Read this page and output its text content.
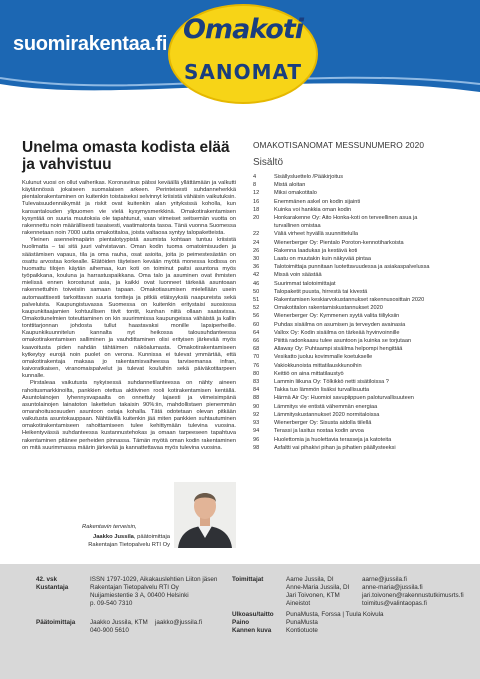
suomirakentaa.fi Omakoti
SANOMAT
Unelma omasta kodista elää ja vahvistuu

Kulunut vuosi on ollut vaiherikas. Koronaviirus pälssi keväällä yllättämään ja valkutti käytännössä jokaiseen suomalaisen arkeen. Perinteisesti suhdanneherkkä pientalorakentaminen on kuitenkin toistaiseksi selvinnyt kriisistä vähäisin vaikutuksin. Tulevaisuudennäkymät ja riskit ovat kuitenkin alan yrityksissä koholla, kun kansantalouden ylipuomen vie vielä kysymysmerkkinä. Omakotirakentamisen kysyntää on suuria muutoksia ole tapahtunut, vaan viimeiset seitsemän vuotta on rakennettu noin määrällisesti tasaisesti, vaatimatonta tasoa. Tänä vuonna Suomessa rakennetaan noin 7000 uutta omakotitaloa, joista valtaosa syntyy talopaketteista.

Yleinen asennelmapärin pientalotyypistä asumista kohtaan tuntuu kriisistä huolimatta – tai sitä juuri vahvistavan. Oman kodin tuoma omatoimisuuden ja säästämisen vapaus, tila ja oma rauha, osat asioita, joita jo peimestesästän on osattu arvostaa korkealle. Etätöiden täyteisen kevään myötä monessa kodissa on huomattu tilojen käytän aihemaa, kun koti on toiminut paitsi asuntona myös työpaikkana, kouluna ja harrastuspaikkana. Oma talo ja asuminen ovat ihmisten mielissä ennen korostunut asia, ja kaikki ovat luonneet tärkeää asuntoaan rakennettuihin toiveisiin samaan tapaan. Omakotiasumisen mielellään usein automaattisesti tarkoittavan suuria tontteja ja pitkiä etäisyyksiä naapureista sekä palveluista. Kaupungistuvassa Suomessa on kuitenkin eritystaisi suosiossa kaupunkitaajamien kohtuullisen tiivit tontit, kunhan niitä ollaan saatavissa. Omakotiunelmien toteuttaminen on kin suurimmissa kaupungeissa vähäistä ja kallin tonttitarjonnan johdosta tullut haastavaksi monille lapsiperheille. Kaupunkikuunnitelun kannalta nyt heikossa talousuhdanteessa omakotirakentamisen salliminen ja vauhdittaminen olisi erityisen järkevää myös kaavoitusta piden nahdän tähtäimen näköalumasta. Omakotirakentamiseen kytkeytyy eurojä noin puolet on verona. Kunnissa ei tulevat ymmärtää, että omakotirakentaja maksaa jo rakentamisvaiheessa tarvisemansa infran, kaivoratkaisen, viranomaispalvelut ja tulevat kouluihin sekä päiväkotitarpeen kunnalle.

Pirstaleaa vaikutusta nykyisessä suhdannetilanteessa on nähty aineen rahoitusmarkkinoilta, pankkien otettua aktiivinen rooli kotirakentamisen kentällä. Asuntolainojen lyhennysvapaalta on onnettuly lajaesti ja viimeisimpänä asuntolainojen lainatoton lakettelun takaisin 90%:iin, mahdollistaen pienemmän omarahoitusosuuden asuntoon ostaja kohalla. Tätä odotetaan olevan pitkään vaikutusta asuntokauppaan. Nähtävillä kuitenkin jää miten pankkien suhtautuminen omakotirakentamiseen rahoittamiseen tulee kehittymään tulevina vuosina. Heikentyvässä suhdanteessa kustannustehokas ja omaan tarpeeseen tapahtuva rakentaminen pitänee perheiden pinnassa. Tämän myötä oman kodin rakentaminen on mitä suurimmassa määrin järkevää ja kannattettavaa myös tulevina vuosina.

Rakentavin terveisin,
Jaakko Jussila, päätoimittaja
Rakentajan Tietopalvelu RTI Oy
OMAKOTISANOMAT MESSUNUMERO 2020
Sisältö
4	Sisällysluettelo /Pääkirjoitus
8	Mistä aloitan
12	Miksi omakotitalo
16	Enemmänen askel on kodin sijainti
18	Kuinka voi hankkia oman kodin
20	Honkarakenne Oy: Aito Honka-koti on terveellinen asua ja
turvallinen omistaa
22	Väliä virheet hyvällä suunnittelulla
24	Wienerberger Oy: Pientalo Poroton-kennotiharkoista
26	Rakenna laadukas ja kestävä koti
30	Laatu on muutakin kuin näkyvää pintaa
36	Talotoimittaja punnitaan luotettavuudessa ja asiakaspalvelussa
42	Missä voin säästää
46	Suurimmat talotoimittajat
50	Talopaketit puusta, hirrestä tai kivestä
51	Rakentamisen keskiarvokustannukset rakennusosittain 2020
52	Omakotitalon rakentamiskustannukset 2020
56	Wienerberger Oy: Kymmenen syytä valita tiiliyksiin
60	Puhdas sisäilma on asumisen ja terveyden avainasia
64	Vallox Oy: Kodin sisäilma on tärkeää hyvinvoinnille
66	Piiittä radonkaasu tulee asuntoon ja kuinka se torjutaan
68	Allaway Oy: Puhtaampi sisäilma helpompi hengittää
70	Vesikatto juoluu kovimmalle koetukselle
76	Vakiokkunoista mittatilauskkunoihin
80	Keittiö on aina mittatilaustyö
83	Lammin liikuna Oy: Tölkikkö netti sisätiloissa ?
84	Takka tuo lämmön lisäksi turvallisuutta
88	Härmä Air Oy: Huomioi savupiippuen paloturvallisuuteen
90	Lämmitys vie entistä vähemmän energiaa
92	Lämmityskustannukset 2020 normitaloissa
93	Wienerberger Oy: Sisusta aidolla tiilellä
94	Terassi ja lasitus nostaa kodin arvoa
96	Huolettomia ja huolettavia terasseja ja katoteita
98	Asfaltti vai pihakivi pihan ja pihatien päällysteeksi
42. vsk
Kustantaja
ISSN 1797-1029, Aikakauslehtien Liiton jäsen
Rakentajan Tietopalvelu RTI Oy
Nuijamiestentie 3 A, 00400 Helsinki
p. 09-540 7310
Päätoimittaja Jaakko Jussila, KTM jaakko@jussila.fi
040-900 5610
Toimittajat	Aarne Jussila, DI	aarne@jussila.fi
Anne-Maria Jussila, DI anne-maria@jussila.fi
Jari Toivonen, KTM	jari.toivonen@rakennustutkimusrts.fi
Aineistot	toimitus@valintaopas.fi
Ulkoasu/taitto PunaMusta, Forssa | Tuula Koivula
Paino	PunaMusta
Kannen kuva Kontiotuote
